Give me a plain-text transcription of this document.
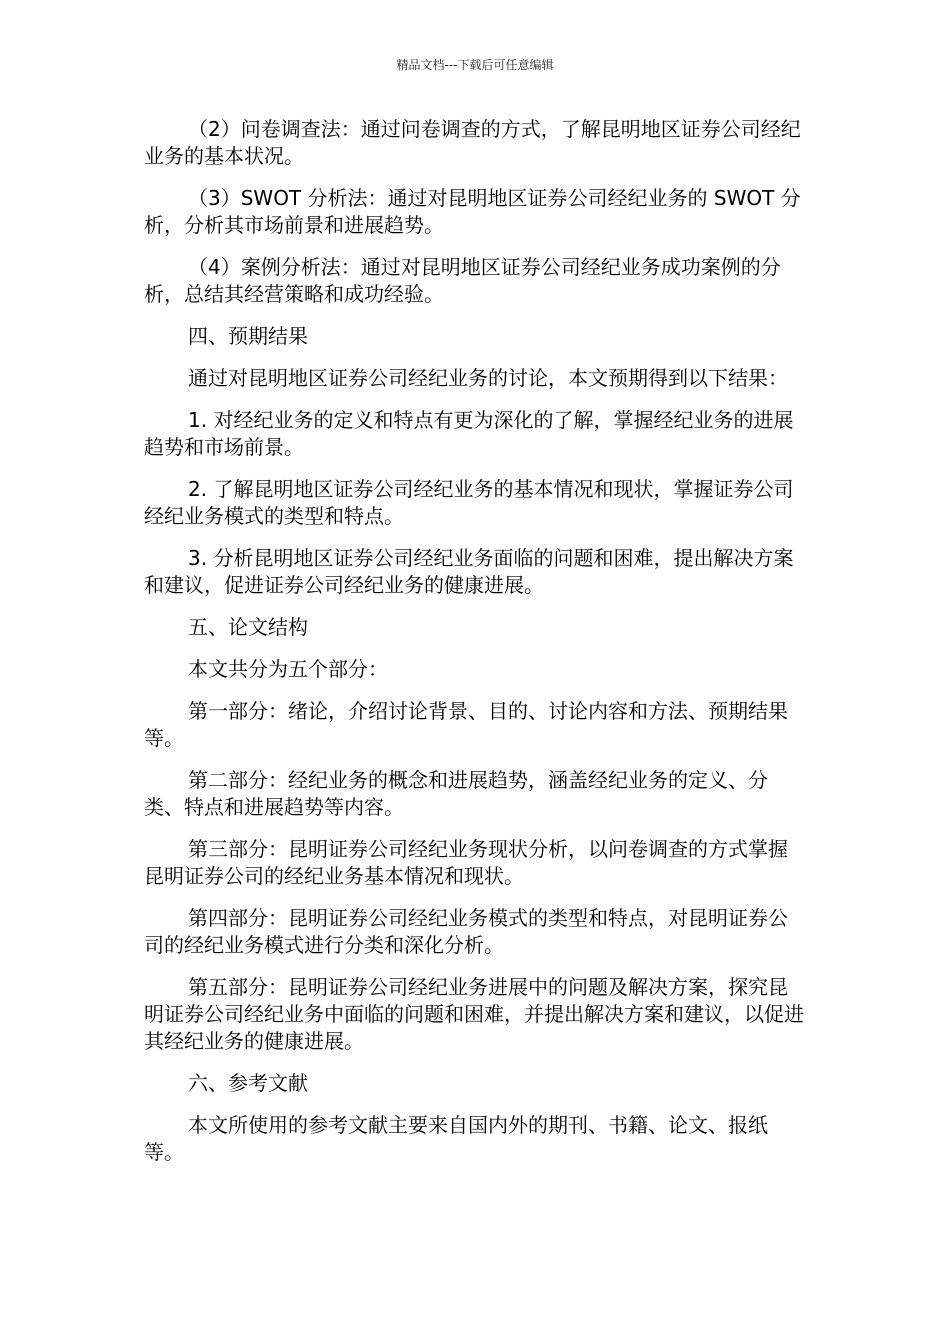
精品文档---下载后可任意编辑

（2）问卷调查法：通过问卷调查的方式，了解昆明地区证券公司经纪业务的基本状况。

（3）SWOT 分析法：通过对昆明地区证券公司经纪业务的 SWOT 分析，分析其市场前景和进展趋势。

（4）案例分析法：通过对昆明地区证券公司经纪业务成功案例的分析，总结其经营策略和成功经验。

四、预期结果

通过对昆明地区证券公司经纪业务的讨论，本文预期得到以下结果：

1. 对经纪业务的定义和特点有更为深化的了解，掌握经纪业务的进展趋势和市场前景。

2. 了解昆明地区证券公司经纪业务的基本情况和现状，掌握证券公司经纪业务模式的类型和特点。

3. 分析昆明地区证券公司经纪业务面临的问题和困难，提出解决方案和建议，促进证券公司经纪业务的健康进展。

五、论文结构

本文共分为五个部分：

第一部分：绪论，介绍讨论背景、目的、讨论内容和方法、预期结果等。

第二部分：经纪业务的概念和进展趋势，涵盖经纪业务的定义、分类、特点和进展趋势等内容。

第三部分：昆明证券公司经纪业务现状分析，以问卷调查的方式掌握昆明证券公司的经纪业务基本情况和现状。

第四部分：昆明证券公司经纪业务模式的类型和特点，对昆明证券公司的经纪业务模式进行分类和深化分析。

第五部分：昆明证券公司经纪业务进展中的问题及解决方案，探究昆明证券公司经纪业务中面临的问题和困难，并提出解决方案和建议，以促进其经纪业务的健康进展。

六、参考文献

本文所使用的参考文献主要来自国内外的期刊、书籍、论文、报纸等。
